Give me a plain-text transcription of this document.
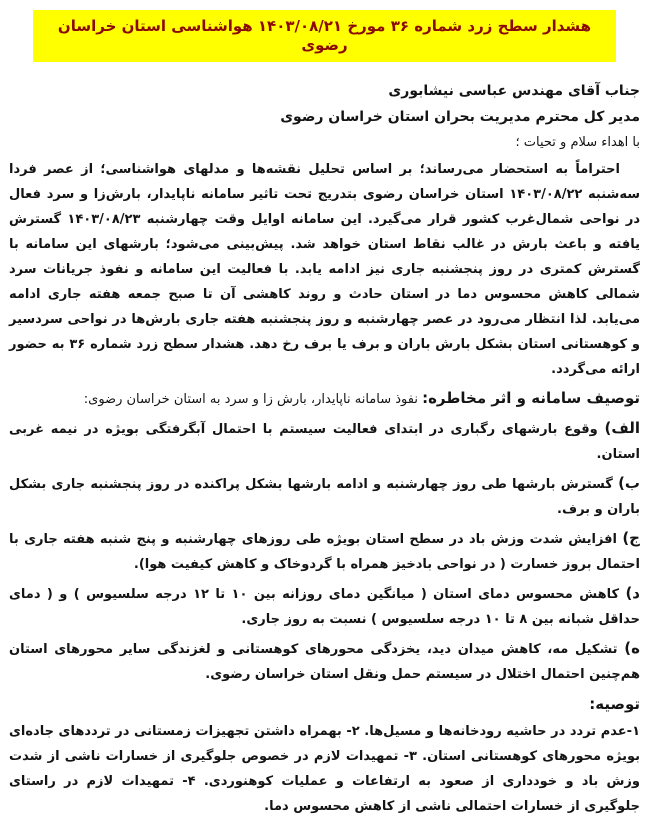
هشدار سطح زرد شماره ۳۶ مورخ ۱۴۰۳/۰۸/۲۱ هواشناسی استان خراسان رضوی

جناب آقای مهندس عباسی نیشابوری

مدیر کل محترم مدیریت بحران استان خراسان رضوی

با اهداء سلام و تحیات ؛

احتراماً به استحضار می‌رساند؛ بر اساس تحلیل نقشه‌ها و مدلهای هواشناسی؛ از عصر فردا سه‌شنبه ۱۴۰۳/۰۸/۲۲ استان خراسان رضوی بتدریج تحت تاثیر سامانه ناپایدار، بارش‌زا و سرد فعال در نواحی شمال‌غرب کشور قرار می‌گیرد. این سامانه اوایل وقت چهارشنبه ۱۴۰۳/۰۸/۲۳ گسترش یافته و باعث بارش در غالب نقاط استان خواهد شد. پیش‌بینی می‌شود؛ بارشهای این سامانه با گسترش کمتری در روز پنجشنبه جاری نیز ادامه یابد. با فعالیت این سامانه و نفوذ جریانات سرد شمالی کاهش محسوس دما در استان حادث و روند کاهشی آن تا صبح جمعه هفته جاری ادامه می‌یابد. لذا انتظار می‌رود در عصر چهارشنبه و روز پنجشنبه هفته جاری بارش‌ها در نواحی سردسیر و کوهستانی استان بشکل بارش باران و برف یا برف رخ دهد. هشدار سطح زرد شماره ۳۶ به حضور ارائه می‌گردد.

توصیف سامانه و اثر مخاطره: نفوذ سامانه ناپایدار، بارش زا و سرد به استان خراسان رضوی:

الف) وقوع بارشهای رگباری در ابتدای فعالیت سیستم با احتمال آبگرفتگی بویژه در نیمه غربی استان.

ب) گسترش بارشها طی روز چهارشنبه و ادامه بارشها بشکل پراکنده در روز پنجشنبه جاری بشکل باران و برف.

ج) افزایش شدت وزش باد در سطح استان بویژه طی روزهای چهارشنبه و پنج شنبه هفته جاری با احتمال بروز خسارت ( در نواحی بادخیز همراه با گردوخاک و کاهش کیفیت هوا).

د) کاهش محسوس دمای استان ( میانگین دمای روزانه بین ۱۰ تا ۱۲ درجه سلسیوس ) و ( دمای حداقل شبانه بین ۸ تا ۱۰ درجه سلسیوس ) نسبت به روز جاری.

ه) تشکیل مه، کاهش میدان دید، یخزدگی محورهای کوهستانی و لغزندگی سایر محورهای استان هم‌چنین احتمال اختلال در سیستم حمل ونقل استان خراسان رضوی.

توصیه:

۱-عدم تردد در حاشیه رودخانه‌ها و مسیل‌ها. ۲- بهمراه داشتن تجهیزات زمستانی در ترددهای جاده‌ای بویژه محورهای کوهستانی استان. ۳- تمهیدات لازم در خصوص جلوگیری از خسارات ناشی از شدت وزش باد و خودداری از صعود به ارتفاعات و عملیات کوهنوردی. ۴- تمهیدات لازم در راستای جلوگیری از خسارات احتمالی ناشی از کاهش محسوس دما.
